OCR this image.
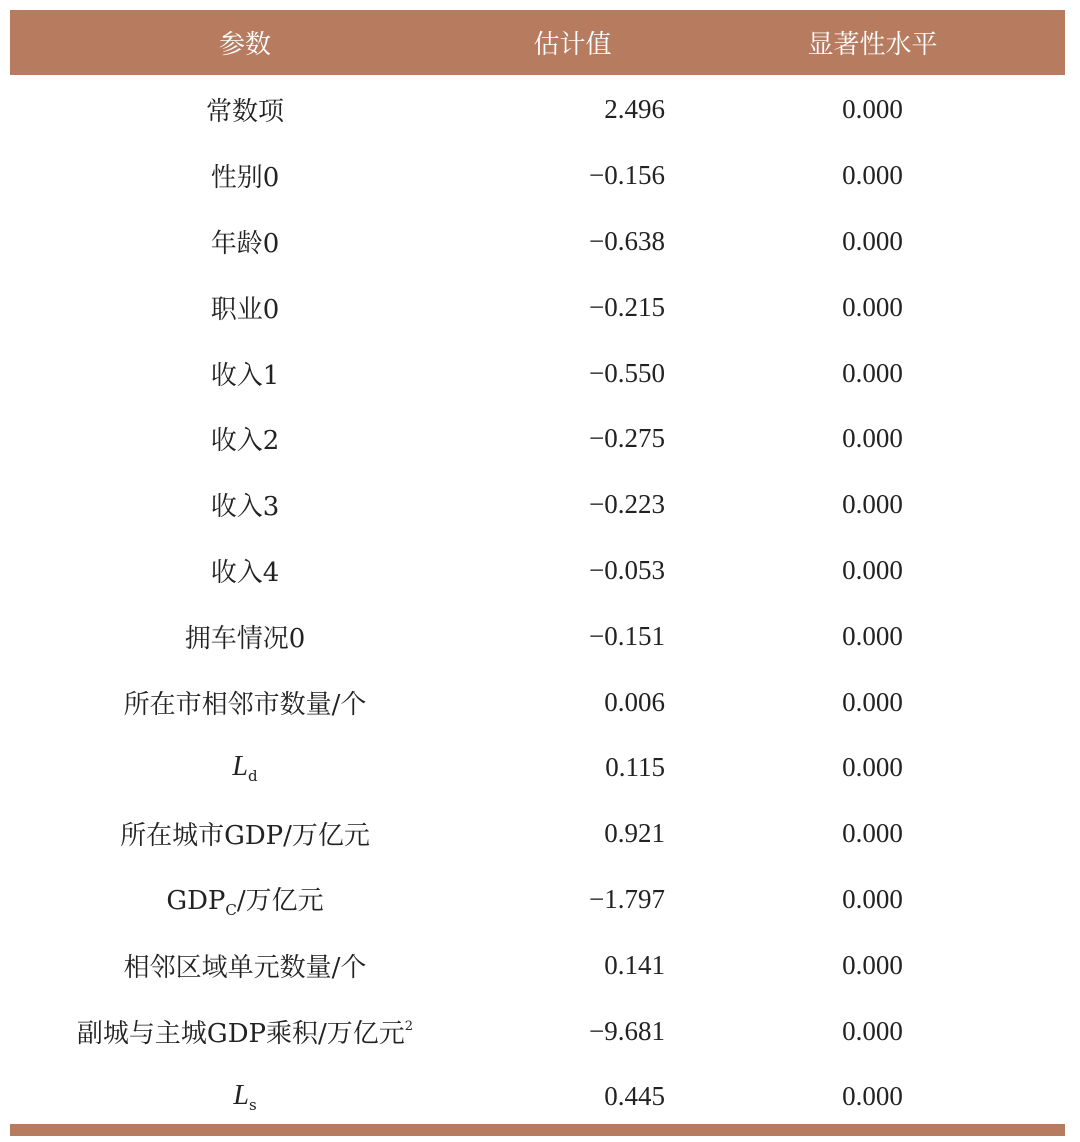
参数	估计值	显著性水平
常数项	2.496	0.000
性别0	−0.156	0.000
年龄0	−0.638	0.000
职业0	−0.215	0.000
收入1	−0.550	0.000
收入2	−0.275	0.000
收入3	−0.223	0.000
收入4	−0.053	0.000
拥车情况0	−0.151	0.000
所在市相邻市数量/个	0.006	0.000
$L_d$	0.115	0.000
所在城市GDP/万亿元	0.921	0.000
$GDP_C/$万亿元	−1.797	0.000
相邻区域单元数量/个	0.141	0.000
副城与主城GDP乘积/万亿元$^2$	−9.681	0.000
$L_s$	0.445	0.000
